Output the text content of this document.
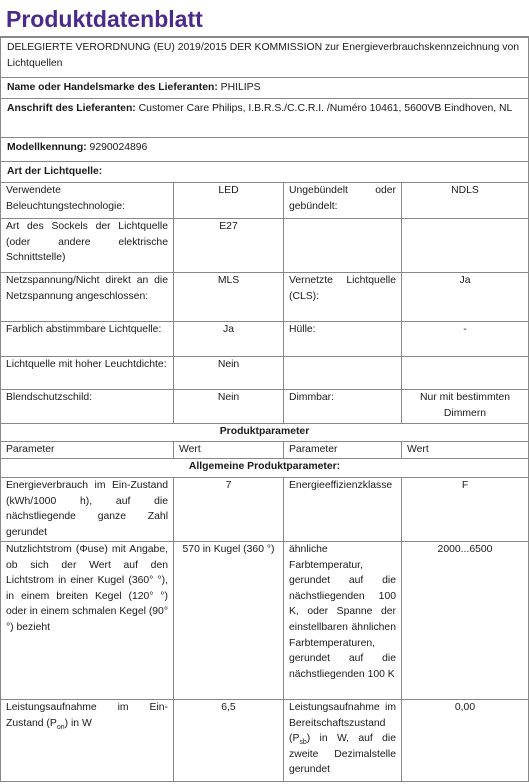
Produktdatenblatt
DELEGIERTE VERORDNUNG (EU) 2019/2015 DER KOMMISSION zur Energieverbrauchskennzeichnung von Lichtquellen			
Name oder Handelsmarke des Lieferanten: PHILIPS			
Anschrift des Lieferanten: Customer Care Philips, I.B.R.S./C.C.R.I. /Numéro 10461, 5600VB Eindhoven, NL			
Modellkennung: 9290024896			
Art der Lichtquelle:			
Verwendete Beleuchtungstechnologie:	LED	Ungebündelt oder gebündelt:	NDLS
Art des Sockels der Lichtquelle (oder andere elektrische Schnittstelle)	E27		
Netzspannung/Nicht direkt an die Netzspannung angeschlossen:	MLS	Vernetzte Lichtquelle (CLS):	Ja
Farblich abstimmbare Lichtquelle:	Ja	Hülle:	-
Lichtquelle mit hoher Leuchtdichte:	Nein		
Blendschutzschild:	Nein	Dimmbar:	Nur mit bestimmten Dimmern
Produktparameter			
Parameter	Wert	Parameter	Wert
Allgemeine Produktparameter:			
Energieverbrauch im Ein-Zustand (kWh/1000 h), auf die nächstliegende ganze Zahl gerundet	7	Energieeffizienzklasse	F
Nutzlichtstrom (Φuse) mit Angabe, ob sich der Wert auf den Lichtstrom in einer Kugel (360° °), in einem breiten Kegel (120° °) oder in einem schmalen Kegel (90° °) bezieht	570 in Kugel (360 °)	ähnliche Farbtemperatur, gerundet auf die nächstliegenden 100 K, oder Spanne der einstellbaren ähnlichen Farbtemperaturen, gerundet auf die nächstliegenden 100 K	2000...6500
Leistungsaufnahme im Ein-Zustand $(P_{on})$ in W	6,5	Leistungsaufnahme im Bereitschaftszustand $(P_{sb})$ in W, auf die zweite Dezimalstelle gerundet	0,00
